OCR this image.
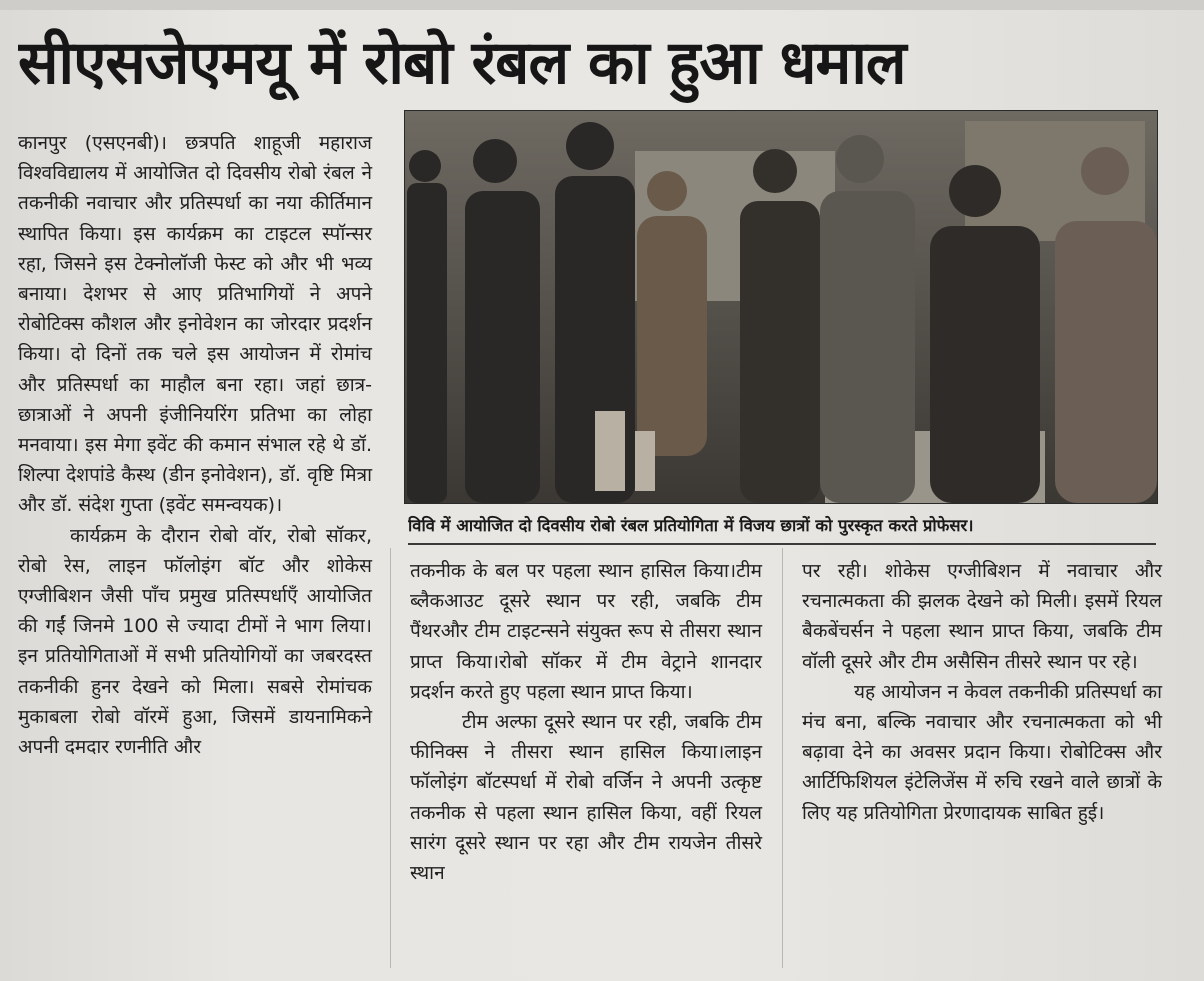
सीएसजेएमयू में रोबो रंबल का हुआ धमाल

कानपुर (एसएनबी)। छत्रपति शाहूजी महाराज विश्वविद्यालय में आयोजित दो दिवसीय रोबो रंबल ने तकनीकी नवाचार और प्रतिस्पर्धा का नया कीर्तिमान स्थापित किया। इस कार्यक्रम का टाइटल स्पॉन्सर रहा, जिसने इस टेक्नोलॉजी फेस्ट को और भी भव्य बनाया। देशभर से आए प्रतिभागियों ने अपने रोबोटिक्स कौशल और इनोवेशन का जोरदार प्रदर्शन किया। दो दिनों तक चले इस आयोजन में रोमांच और प्रतिस्पर्धा का माहौल बना रहा। जहां छात्र-छात्राओं ने अपनी इंजीनियरिंग प्रतिभा का लोहा मनवाया। इस मेगा इवेंट की कमान संभाल रहे थे डॉ. शिल्पा देशपांडे कैस्थ (डीन इनोवेशन), डॉ. वृष्टि मित्रा और डॉ. संदेश गुप्ता (इवेंट समन्वयक)।

कार्यक्रम के दौरान रोबो वॉर, रोबो सॉकर, रोबो रेस, लाइन फॉलोइंग बॉट और शोकेस एग्जीबिशन जैसी पाँच प्रमुख प्रतिस्पर्धाएँ आयोजित की गईं जिनमे 100 से ज्यादा टीमों ने भाग लिया। इन प्रतियोगिताओं में सभी प्रतियोगियों का जबरदस्त तकनीकी हुनर देखने को मिला। सबसे रोमांचक मुकाबला रोबो वॉरमें हुआ, जिसमें डायनामिकने अपनी दमदार रणनीति और

विवि में आयोजित दो दिवसीय रोबो रंबल प्रतियोगिता में विजय छात्रों को पुरस्कृत करते प्रोफेसर।

तकनीक के बल पर पहला स्थान हासिल किया।टीम ब्लैकआउट दूसरे स्थान पर रही, जबकि टीम पैंथरऔर टीम टाइटन्सने संयुक्त रूप से तीसरा स्थान प्राप्त किया।रोबो सॉकर में टीम वेट्राने शानदार प्रदर्शन करते हुए पहला स्थान प्राप्त किया।

टीम अल्फा दूसरे स्थान पर रही, जबकि टीम फीनिक्स ने तीसरा स्थान हासिल किया।लाइन फॉलोइंग बॉटस्पर्धा में रोबो वर्जिन ने अपनी उत्कृष्ट तकनीक से पहला स्थान हासिल किया, वहीं रियल सारंग दूसरे स्थान पर रहा और टीम रायजेन तीसरे स्थान

पर रही। शोकेस एग्जीबिशन में नवाचार और रचनात्मकता की झलक देखने को मिली। इसमें रियल बैकबेंचर्सन ने पहला स्थान प्राप्त किया, जबकि टीम वॉली दूसरे और टीम असैसिन तीसरे स्थान पर रहे।

यह आयोजन न केवल तकनीकी प्रतिस्पर्धा का मंच बना, बल्कि नवाचार और रचनात्मकता को भी बढ़ावा देने का अवसर प्रदान किया। रोबोटिक्स और आर्टिफिशियल इंटेलिजेंस में रुचि रखने वाले छात्रों के लिए यह प्रतियोगिता प्रेरणादायक साबित हुई।
